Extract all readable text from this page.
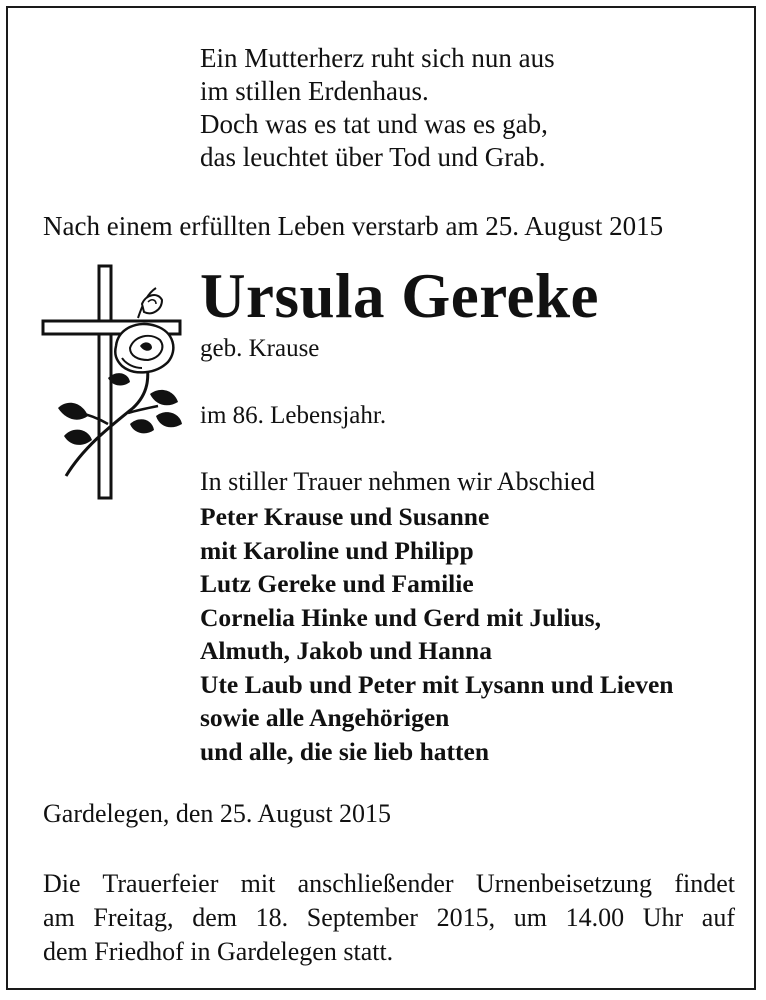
Ein Mutterherz ruht sich nun aus
im stillen Erdenhaus.
Doch was es tat und was es gab,
das leuchtet über Tod und Grab.
Nach einem erfüllten Leben verstarb am 25. August 2015
Ursula Gereke
geb. Krause
im 86. Lebensjahr.
In stiller Trauer nehmen wir Abschied
Peter Krause und Susanne
mit Karoline und Philipp
Lutz Gereke und Familie
Cornelia Hinke und Gerd mit Julius,
Almuth, Jakob und Hanna
Ute Laub und Peter mit Lysann und Lieven
sowie alle Angehörigen
und alle, die sie lieb hatten
Gardelegen, den 25. August 2015
Die Trauerfeier mit anschließender Urnenbeisetzung findet
am Freitag, dem 18. September 2015, um 14.00 Uhr auf
dem Friedhof in Gardelegen statt.
